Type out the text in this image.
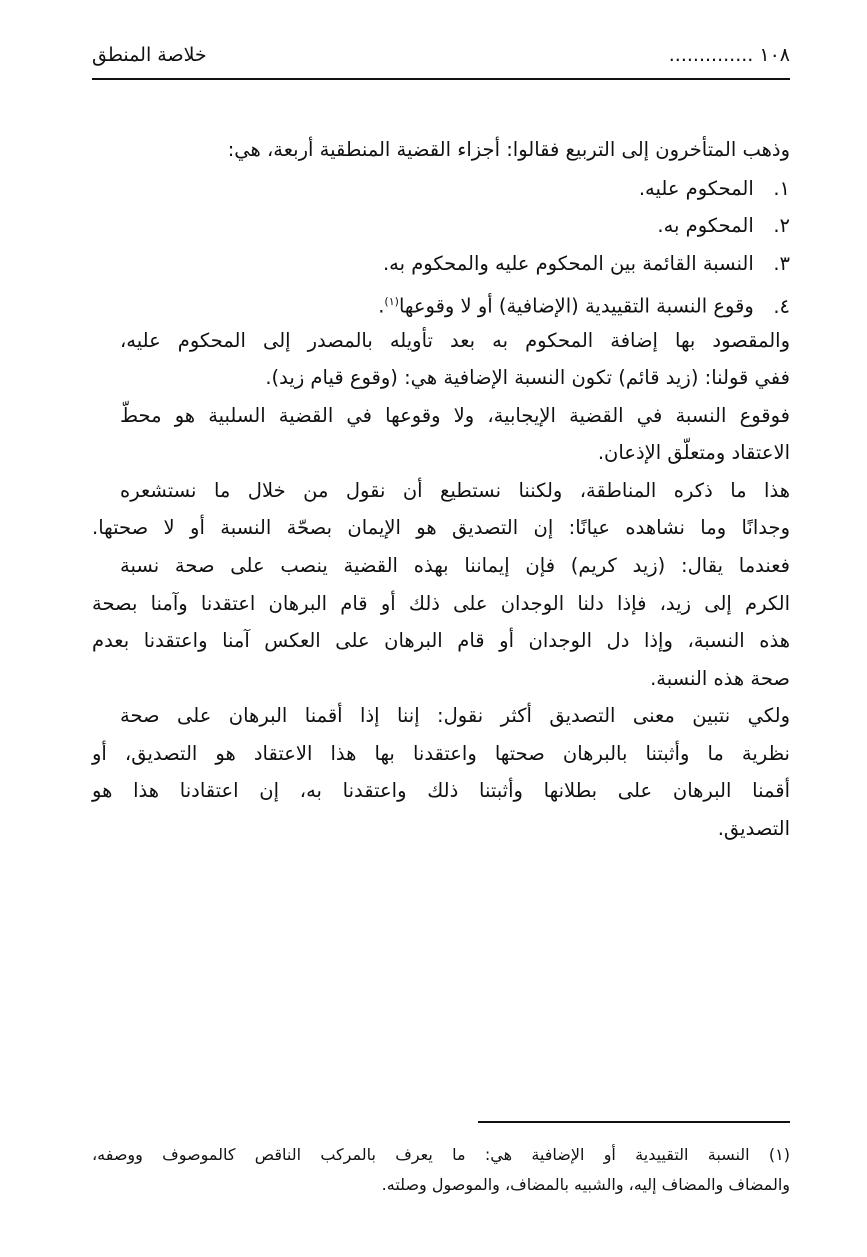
١٠٨ ..............
خلاصة المنطق
وذهب المتأخرون إلى التربيع فقالوا: أجزاء القضية المنطقية أربعة، هي:
١. المحكوم عليه.
٢. المحكوم به.
٣. النسبة القائمة بين المحكوم عليه والمحكوم به.
٤. وقوع النسبة التقييدية (الإضافية) أو لا وقوعها$^{(١)}$.
والمقصود بها إضافة المحكوم به بعد تأويله بالمصدر إلى المحكوم عليه،
ففي قولنا: (زيد قائم) تكون النسبة الإضافية هي: (وقوع قيام زيد).
فوقوع النسبة في القضية الإيجابية، ولا وقوعها في القضية السلبية هو محطّ
الاعتقاد ومتعلّق الإذعان.
هذا ما ذكره المناطقة، ولكننا نستطيع أن نقول من خلال ما نستشعره
وجدانًا وما نشاهده عيانًا: إن التصديق هو الإيمان بصحّة النسبة أو لا صحتها.
فعندما يقال: (زيد كريم) فإن إيماننا بهذه القضية ينصب على صحة نسبة
الكرم إلى زيد، فإذا دلنا الوجدان على ذلك أو قام البرهان اعتقدنا وآمنا بصحة
هذه النسبة، وإذا دل الوجدان أو قام البرهان على العكس آمنا واعتقدنا بعدم
صحة هذه النسبة.
ولكي نتبين معنى التصديق أكثر نقول: إننا إذا أقمنا البرهان على صحة
نظرية ما وأثبتنا بالبرهان صحتها واعتقدنا بها هذا الاعتقاد هو التصديق، أو
أقمنا البرهان على بطلانها وأثبتنا ذلك واعتقدنا به، إن اعتقادنا هذا هو
التصديق.
(١) النسبة التقييدية أو الإضافية هي: ما يعرف بالمركب الناقص كالموصوف ووصفه،
والمضاف والمضاف إليه، والشبيه بالمضاف، والموصول وصلته.
